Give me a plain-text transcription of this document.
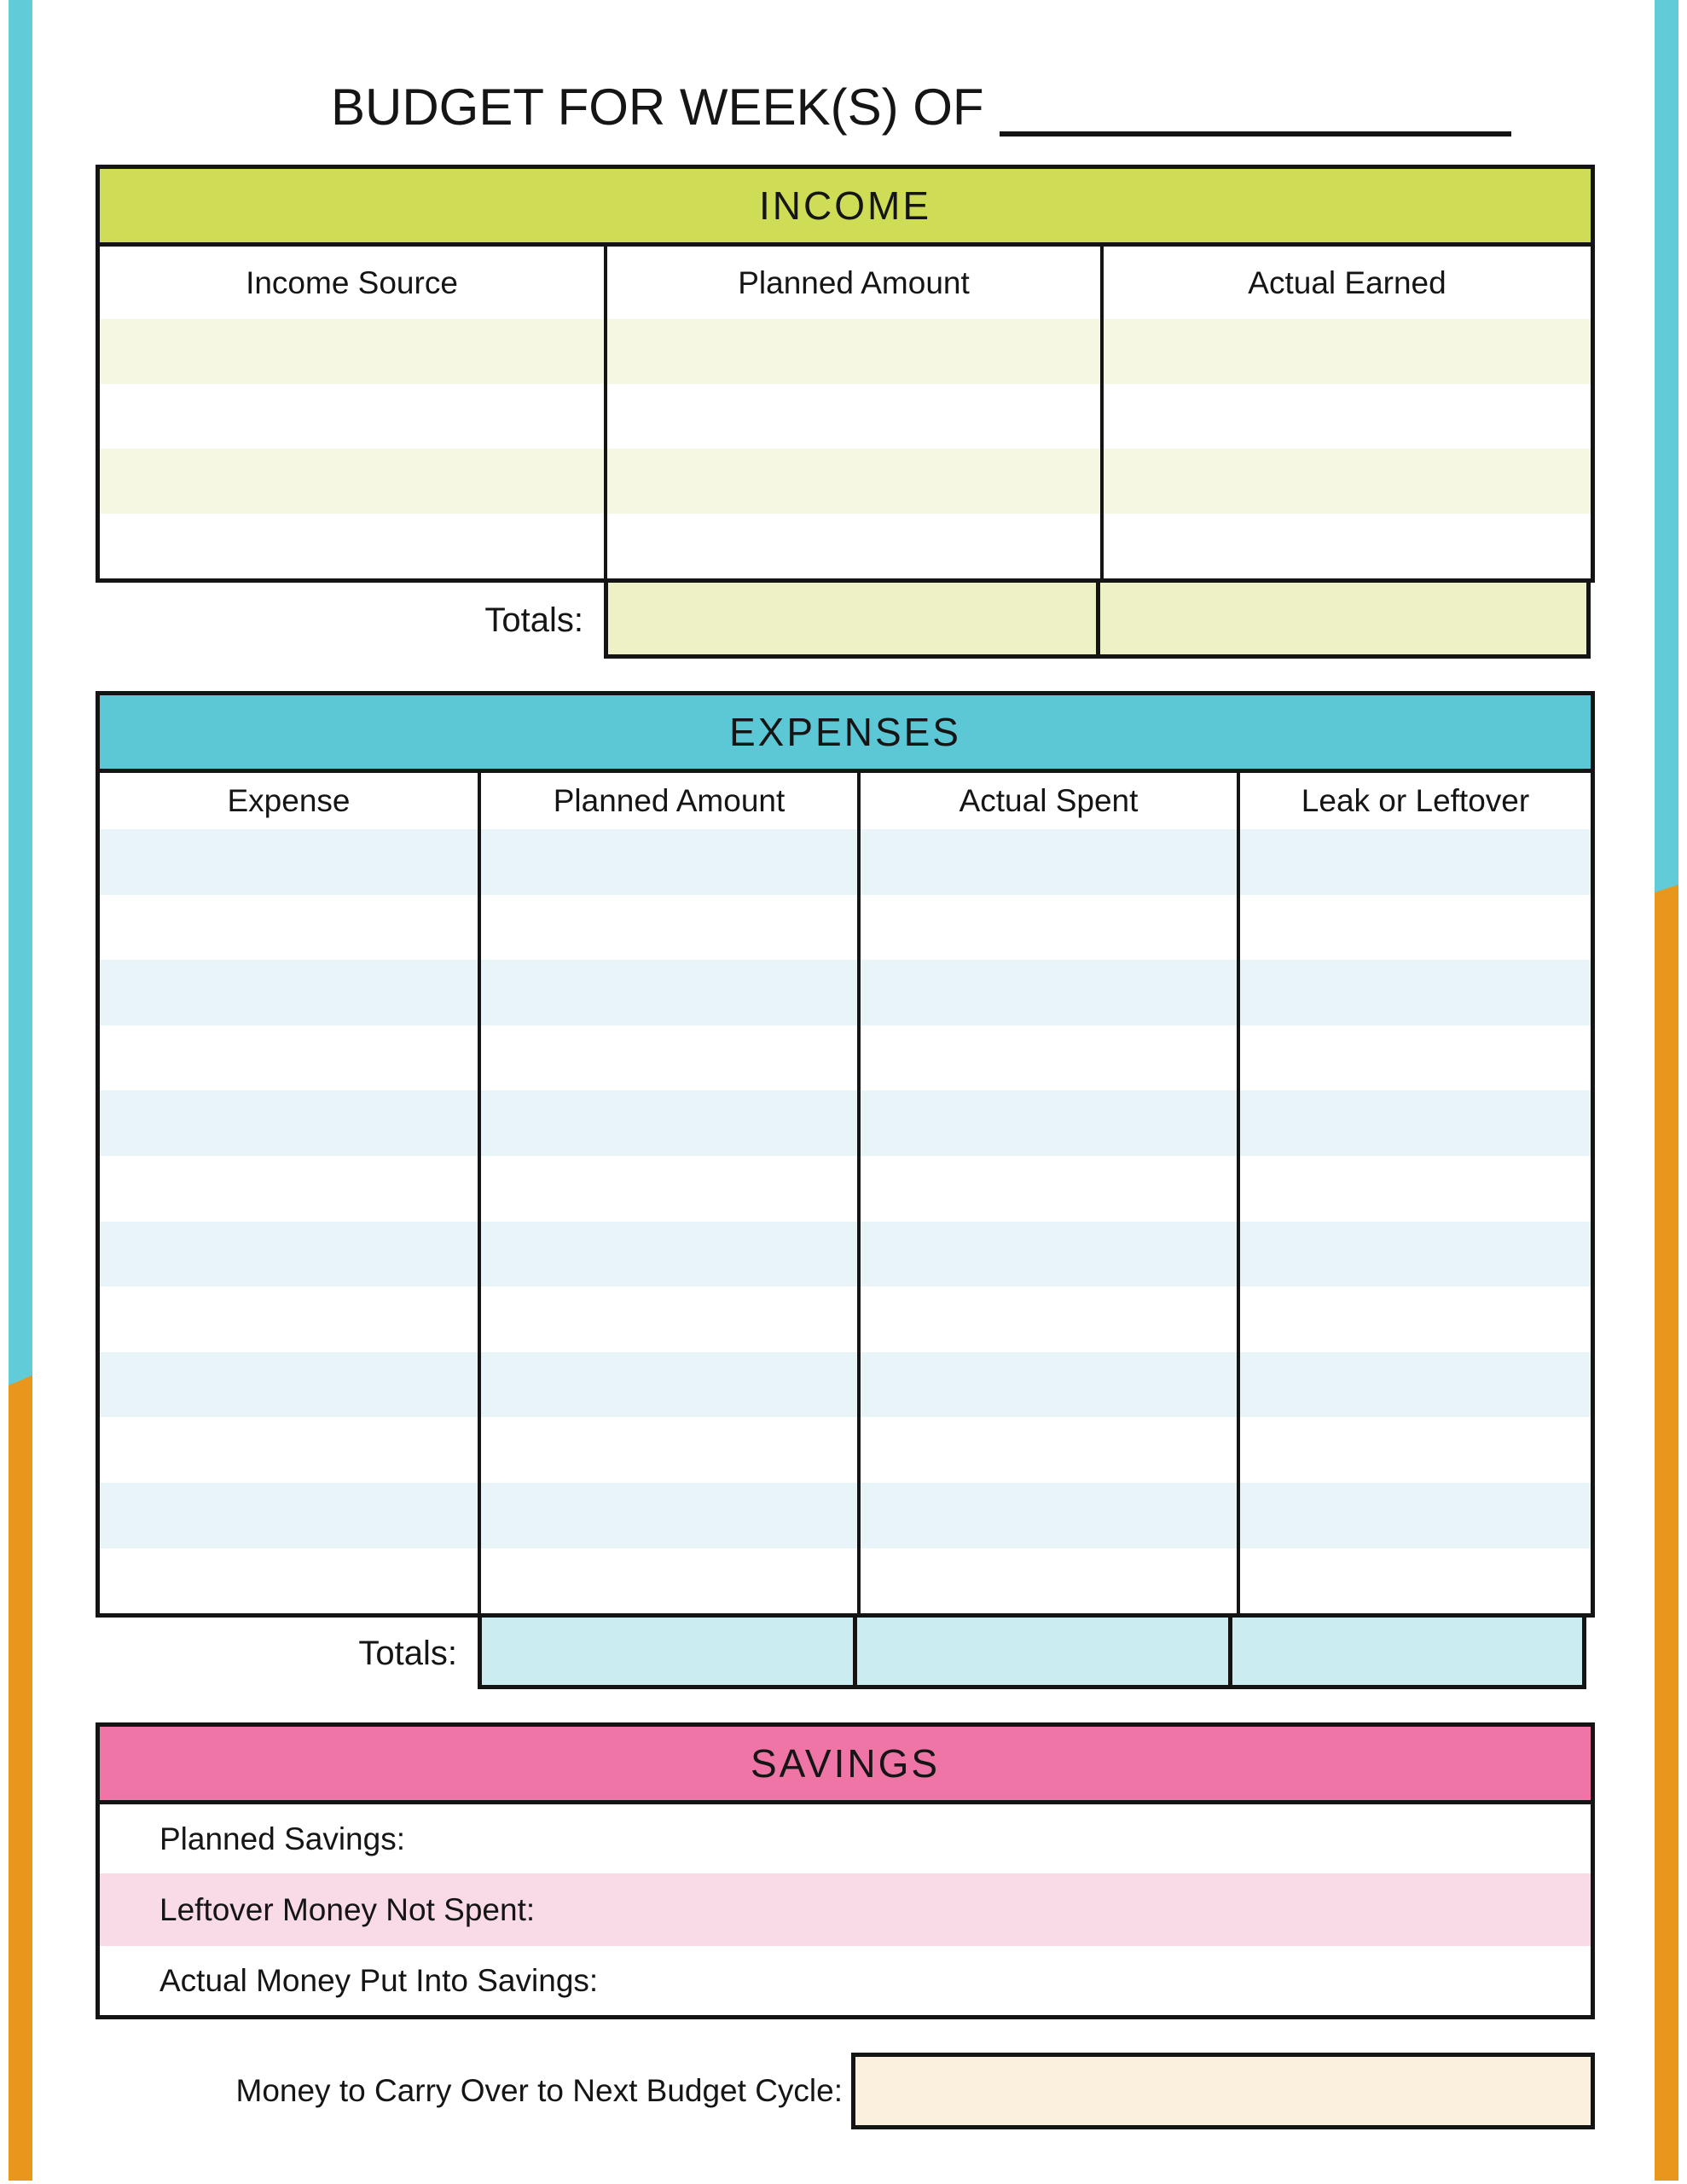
BUDGET FOR WEEK(S) OF
INCOME
Income Source	Planned Amount	Actual Earned
Totals:
EXPENSES
Expense	Planned Amount	Actual Spent	Leak or Leftover
Totals:
SAVINGS
Planned Savings:
Leftover Money Not Spent:
Actual Money Put Into Savings:
Money to Carry Over to Next Budget Cycle:
